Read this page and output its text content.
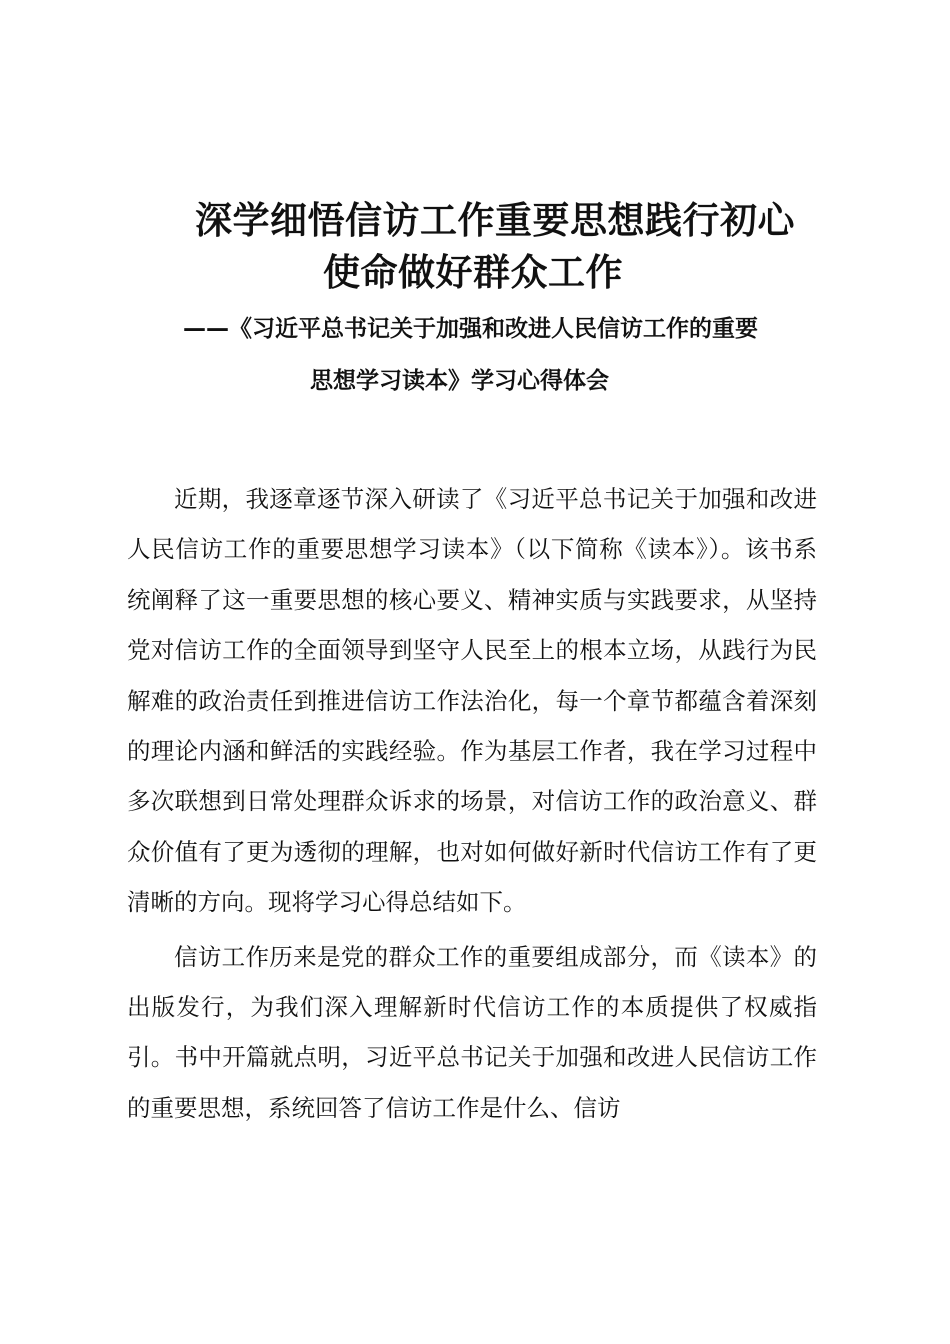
深学细悟信访工作重要思想践行初心
使命做好群众工作
——《习近平总书记关于加强和改进人民信访工作的重要
思想学习读本》学习心得体会

近期，我逐章逐节深入研读了《习近平总书记关于加强和改进人民信访工作的重要思想学习读本》（以下简称《读本》）。该书系统阐释了这一重要思想的核心要义、精神实质与实践要求，从坚持党对信访工作的全面领导到坚守人民至上的根本立场，从践行为民解难的政治责任到推进信访工作法治化，每一个章节都蕴含着深刻的理论内涵和鲜活的实践经验。作为基层工作者，我在学习过程中多次联想到日常处理群众诉求的场景，对信访工作的政治意义、群众价值有了更为透彻的理解，也对如何做好新时代信访工作有了更清晰的方向。现将学习心得总结如下。

信访工作历来是党的群众工作的重要组成部分，而《读本》的出版发行，为我们深入理解新时代信访工作的本质提供了权威指引。书中开篇就点明，习近平总书记关于加强和改进人民信访工作的重要思想，系统回答了信访工作是什么、信访
